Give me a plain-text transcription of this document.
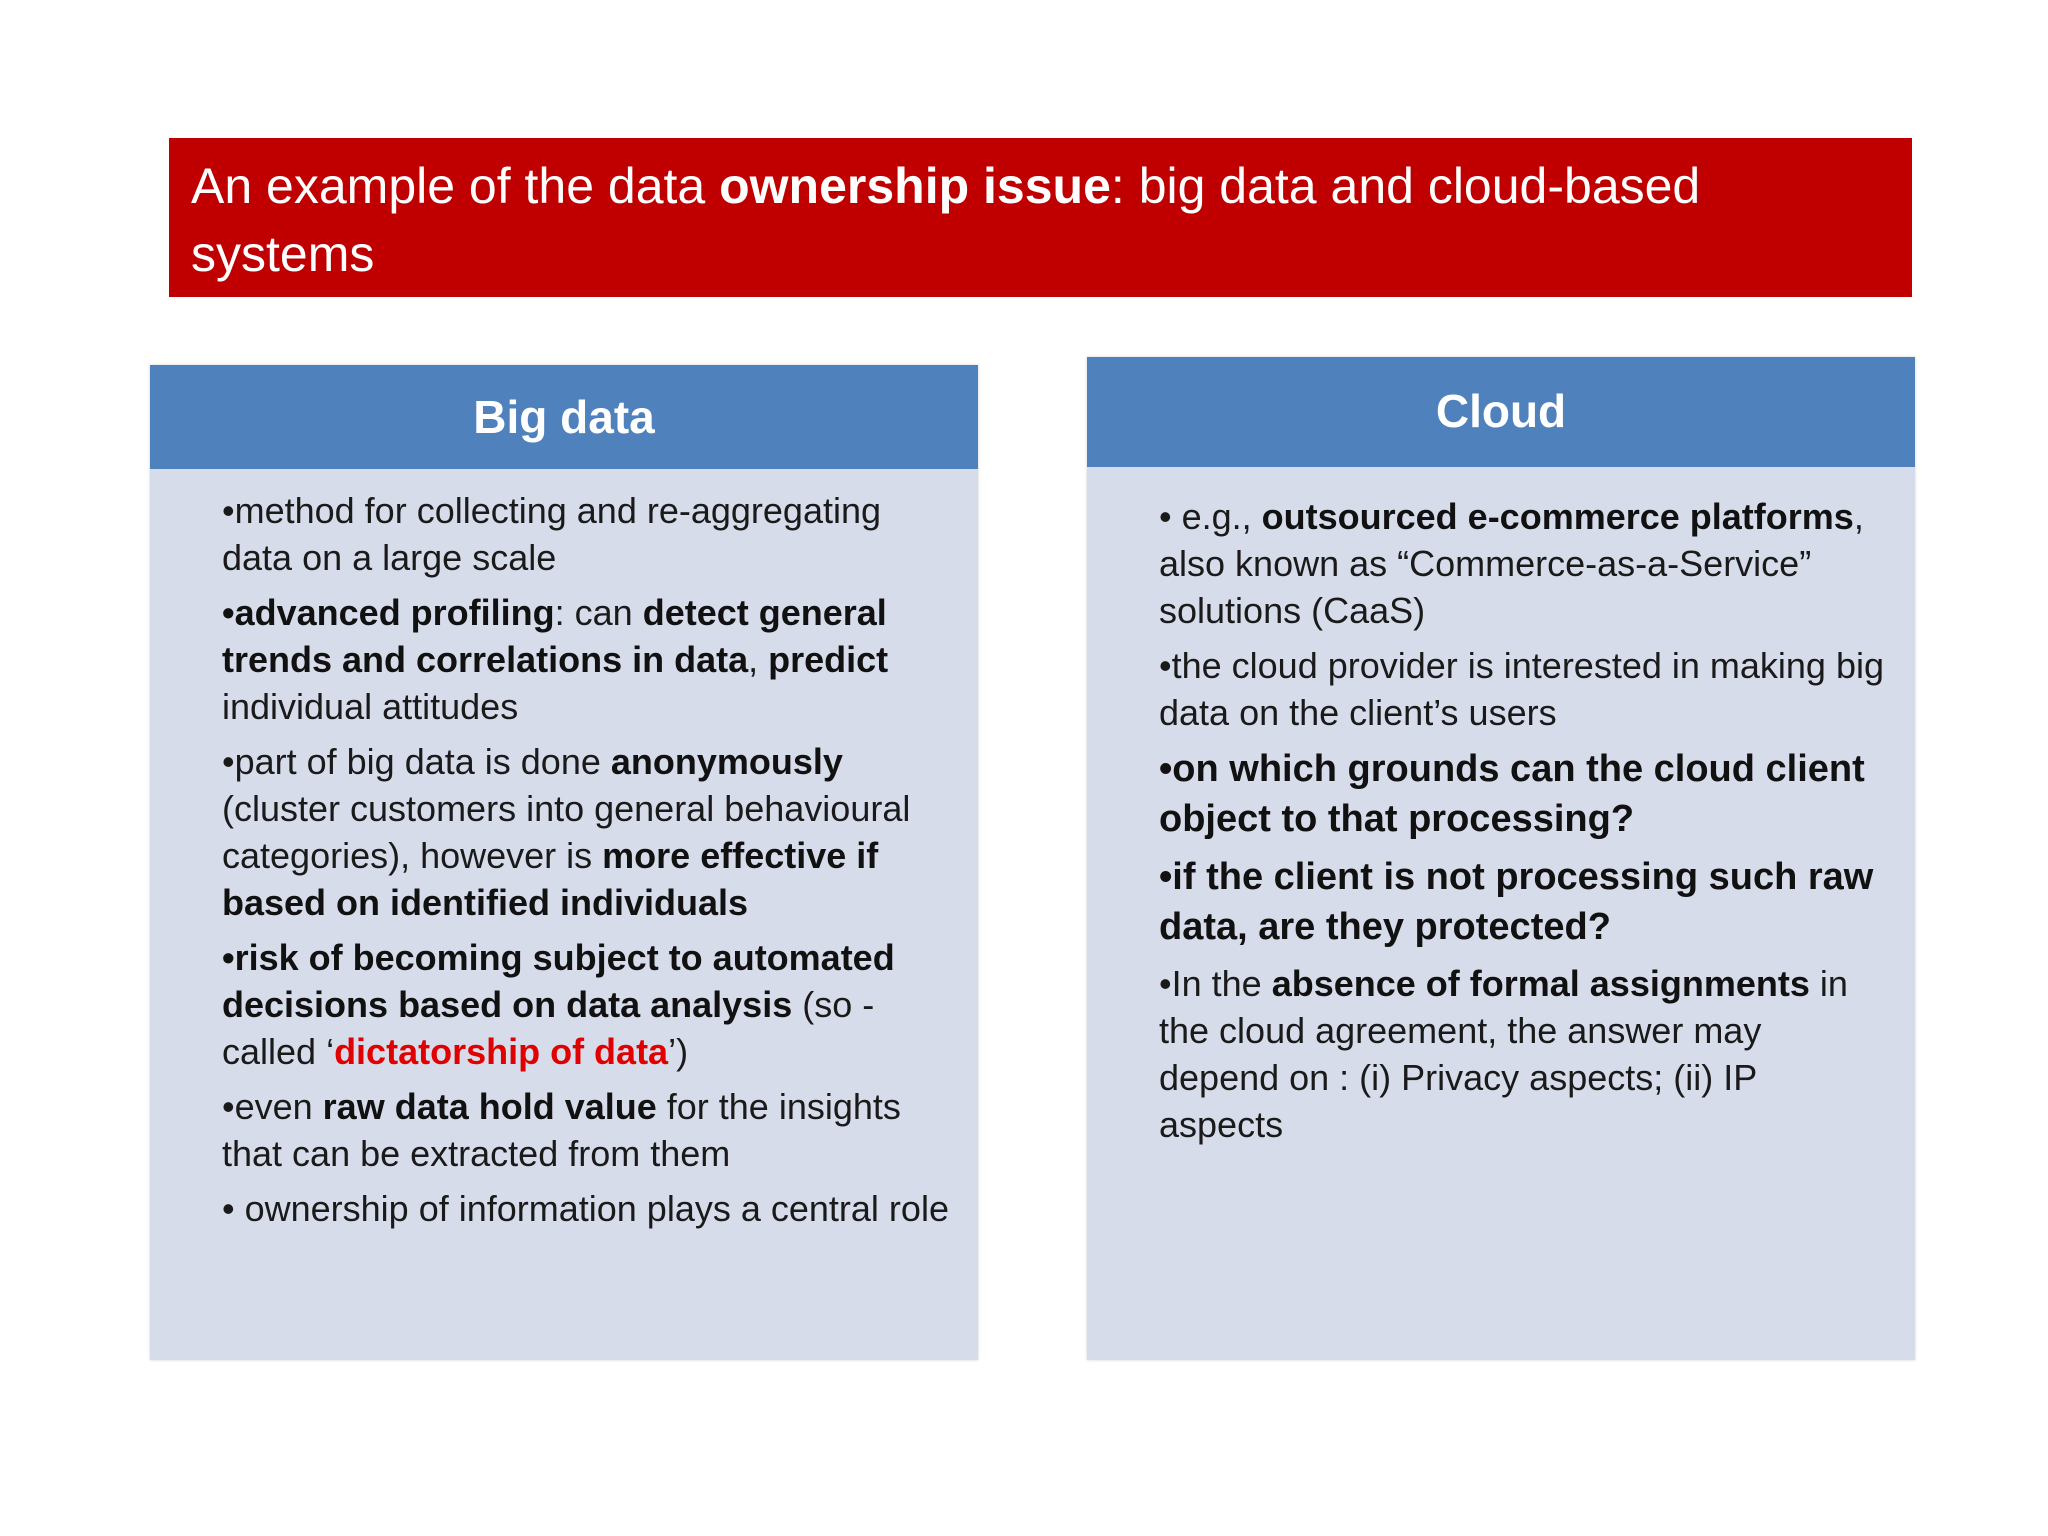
An example of the data ownership issue: big data and cloud-based systems
Big data
•method for collecting and re-aggregating data on a large scale
•advanced profiling: can detect general trends and correlations in data, predict individual attitudes
•part of big data is done anonymously (cluster customers into general behavioural categories), however is more effective if based on identified individuals
•risk of becoming subject to automated decisions based on data analysis (so -called ‘dictatorship of data’)
•even raw data hold value for the insights that can be extracted from them
• ownership of information plays a central role
Cloud
• e.g., outsourced e-commerce platforms, also known as “Commerce-as-a-Service” solutions (CaaS)
•the cloud provider is interested in making big data on the client’s users
•on which grounds can the cloud client object to that processing?
•if the client is not processing such raw data, are they protected?
•In the absence of formal assignments in the cloud agreement, the answer may depend on : (i) Privacy aspects; (ii) IP aspects
